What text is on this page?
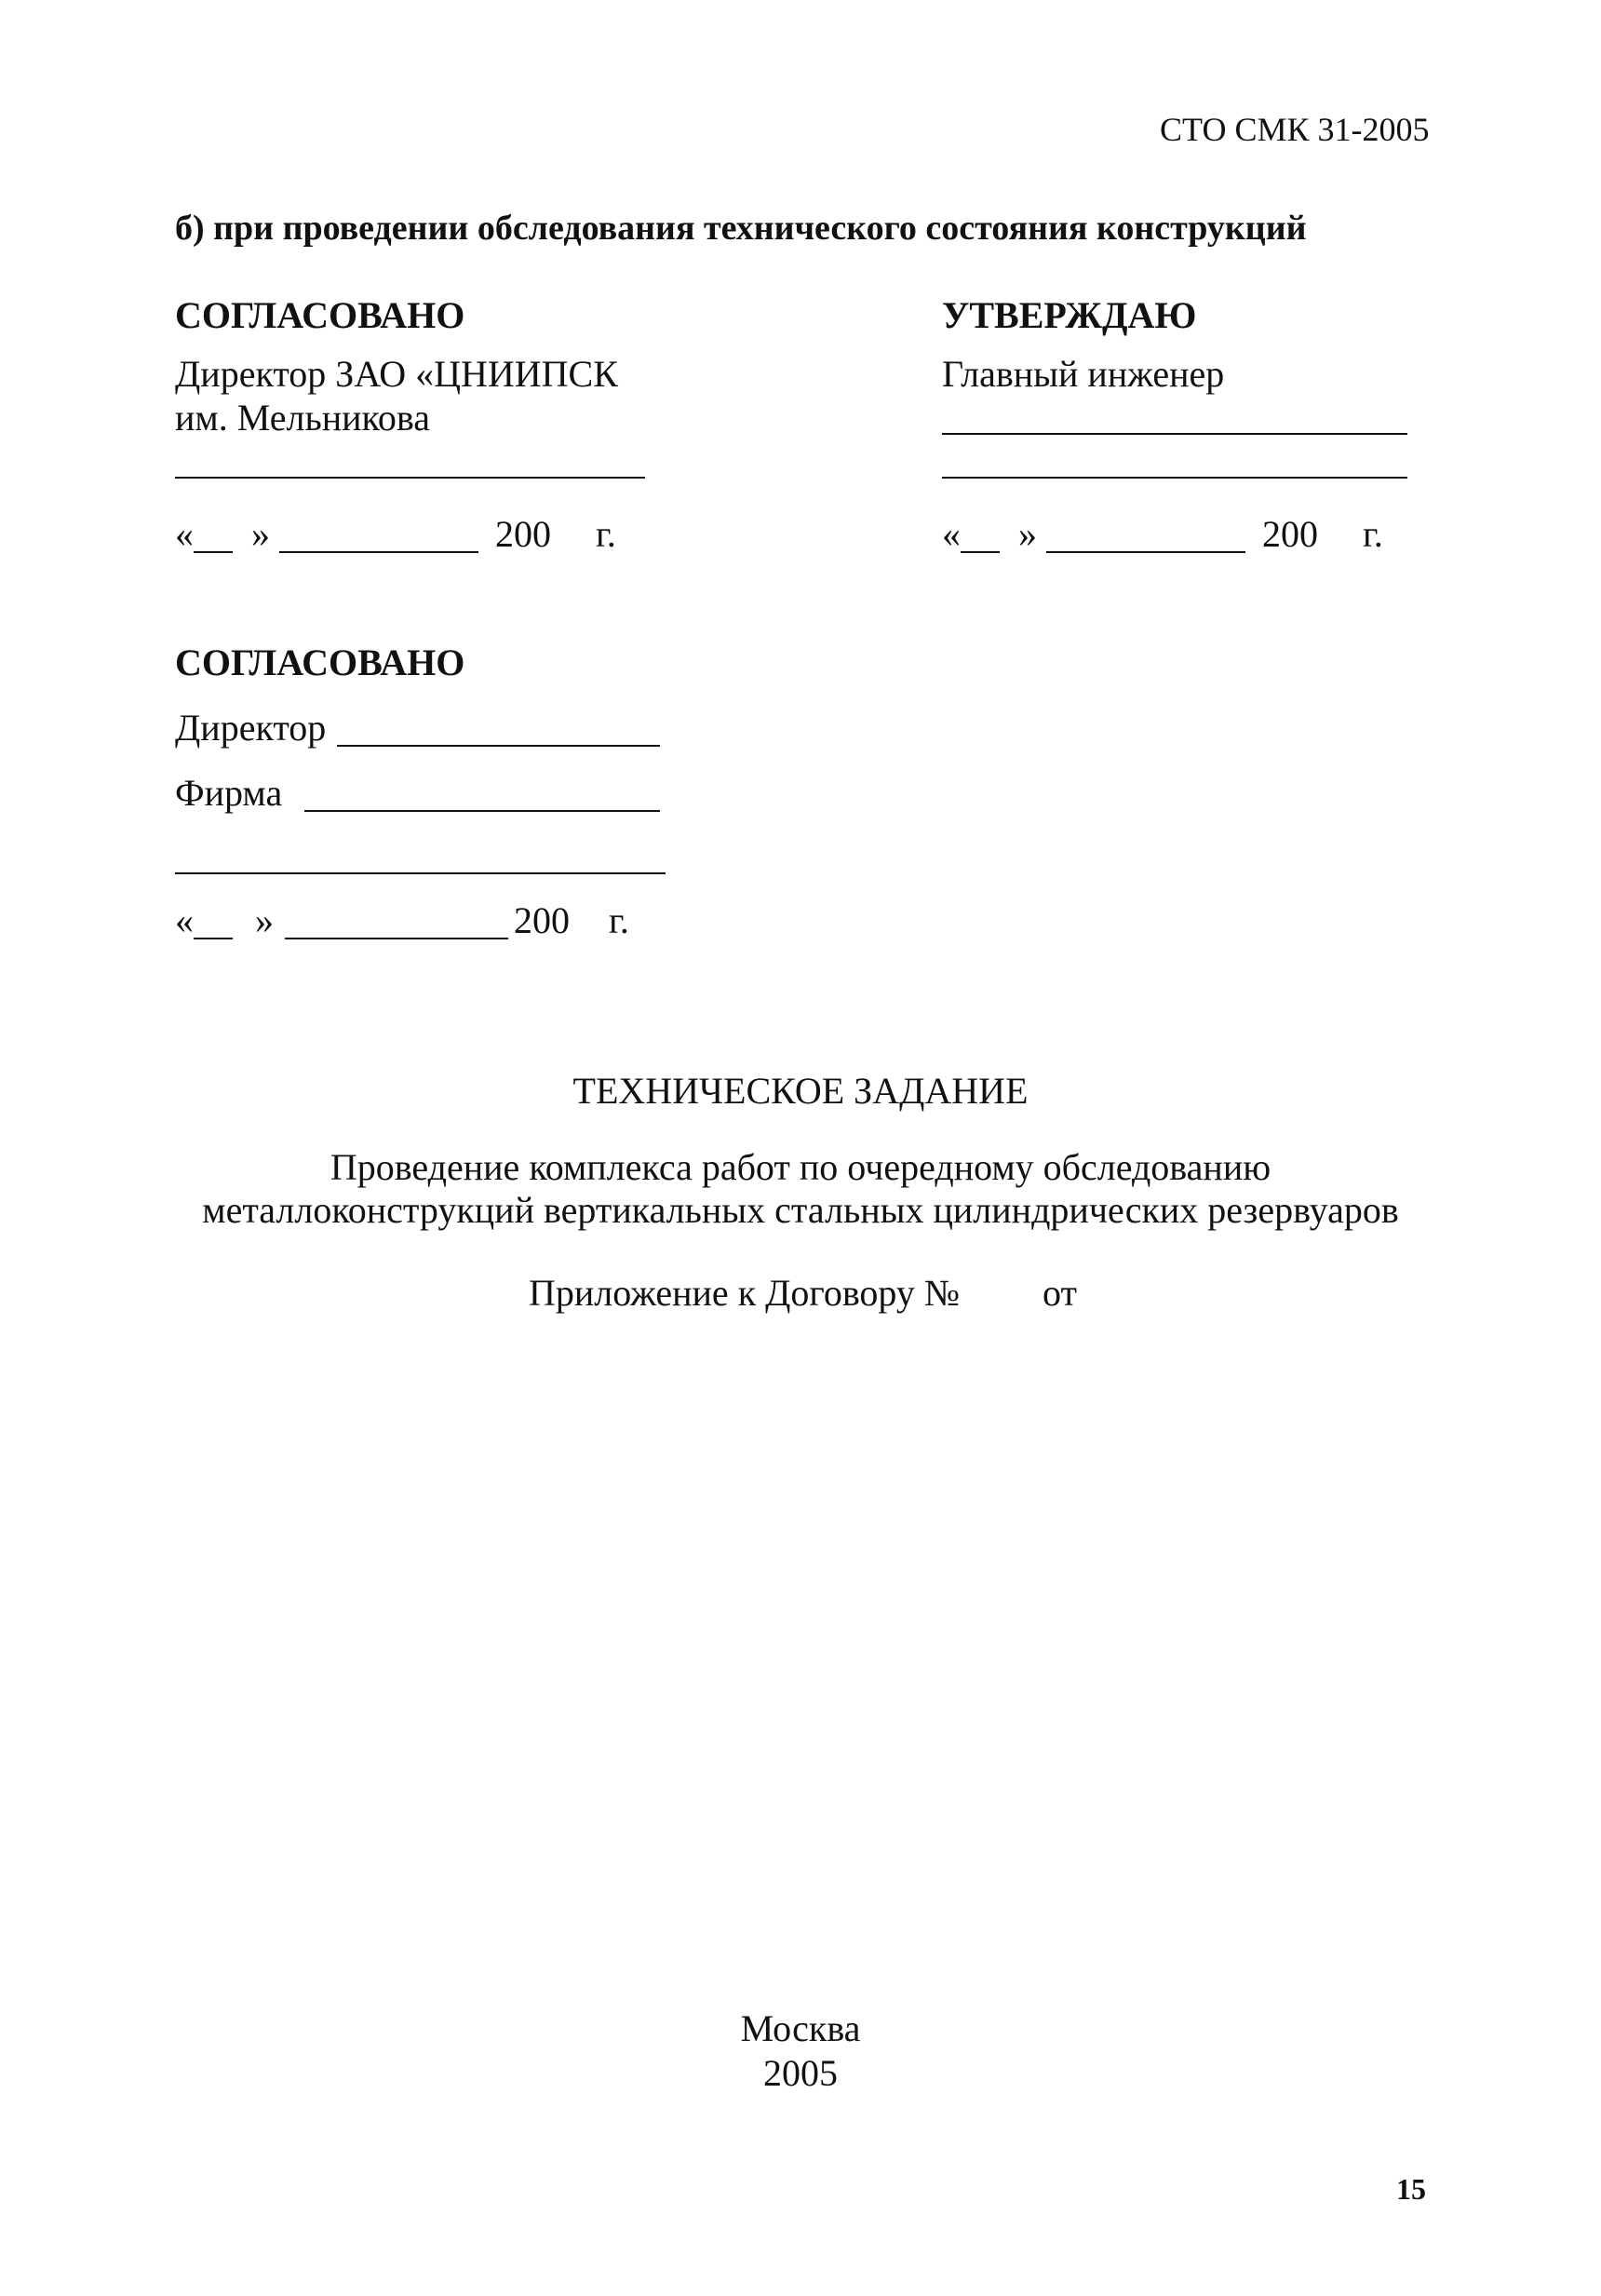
СТО СМК 31-2005
б) при проведении обследования технического состояния конструкций
СОГЛАСОВАНО
Директор ЗАО «ЦНИИПСК
им. Мельникова
« »	200 г.
УТВЕРЖДАЮ
Главный инженер
« »	200 г.
СОГЛАСОВАНО
Директор
Фирма
« »	200 г.
ТЕХНИЧЕСКОЕ ЗАДАНИЕ
Проведение комплекса работ по очередному обследованию
металлоконструкций вертикальных стальных цилиндрических резервуаров
Приложение к Договору № от
Москва
2005
15
